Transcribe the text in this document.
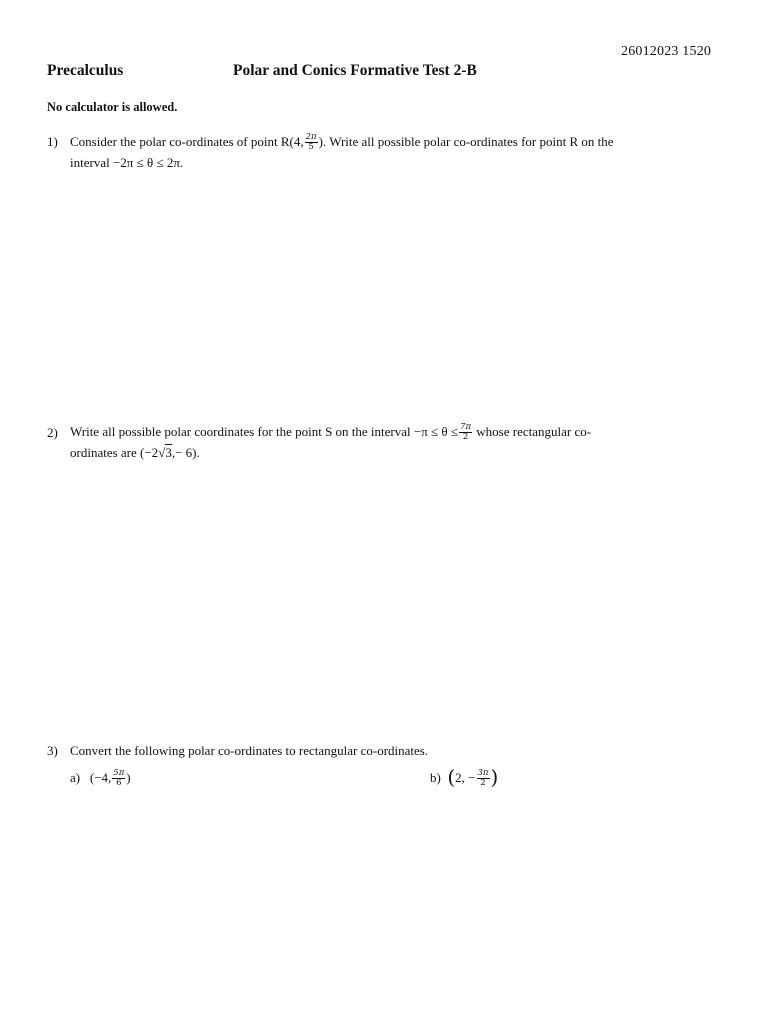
26012023 1520
Precalculus	Polar and Conics Formative Test 2-B
No calculator is allowed.
1) Consider the polar co-ordinates of point R(4, $\frac{2\pi}{5}$ ). Write all possible polar co-ordinates for point R on the
interval −2π ≤ θ ≤ 2π.
2) Write all possible polar coordinates for the point S on the interval $-\pi \le \theta \le \frac{7\pi}{2}$ whose rectangular co-
ordinates are (−2√3,− 6).
3) Convert the following polar co-ordinates to rectangular co-ordinates.
a) (−4, $\frac{5\pi}{6}$ )	b) (2, − $\frac{3\pi}{2}$ )
